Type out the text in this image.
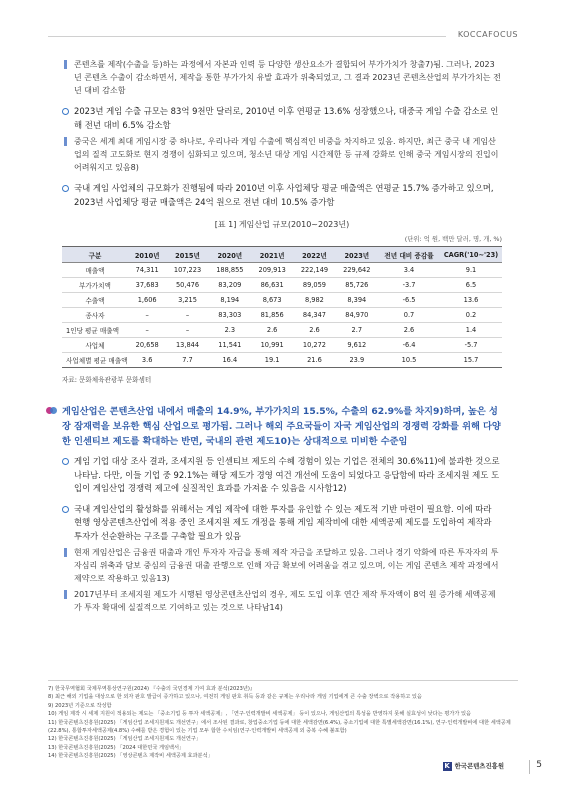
KOCCAFOCUS
콘텐츠를 제작(수출을 등)하는 과정에서 자본과 인력 등 다양한 생산요소가 결합되어 부가가치가 창출7)됨. 그러나, 2023년 콘텐츠 수출이 감소하면서, 제작을 통한 부가가치 유발 효과가 위축되었고, 그 결과 2023년 콘텐츠산업의 부가가치는 전년 대비 감소함
2023년 게임 수출 규모는 83억 9천만 달러로, 2010년 이후 연평균 13.6% 성장했으나, 대중국 게임 수출 감소로 인해 전년 대비 6.5% 감소함
중국은 세계 최대 게임시장 중 하나로, 우리나라 게임 수출에 핵심적인 비중을 차지하고 있음. 하지만, 최근 중국 내 게임산업의 질적 고도화로 현지 경쟁이 심화되고 있으며, 청소년 대상 게임 시간제한 등 규제 강화로 인해 중국 게임시장의 진입이 어려워지고 있음8)
국내 게임 사업체의 규모화가 진행됨에 따라 2010년 이후 사업체당 평균 매출액은 연평균 15.7% 증가하고 있으며, 2023년 사업체당 평균 매출액은 24억 원으로 전년 대비 10.5% 증가함
[표 1] 게임산업 규모(2010~2023년)
(단위: 억 원, 백만 달러, 명, 개, %)
구분	2010년	2015년	2020년	2021년	2022년	2023년	전년 대비 증감률	CAGR('10~'23)
매출액	74,311	107,223	188,855	209,913	222,149	229,642	3.4	9.1
부가가치액	37,683	50,476	83,209	86,631	89,059	85,726	-3.7	6.5
수출액	1,606	3,215	8,194	8,673	8,982	8,394	-6.5	13.6
종사자	–	–	83,303	81,856	84,347	84,970	0.7	0.2
1인당 평균 매출액	–	–	2.3	2.6	2.6	2.7	2.6	1.4
사업체	20,658	13,844	11,541	10,991	10,272	9,612	-6.4	-5.7
사업체별 평균 매출액	3.6	7.7	16.4	19.1	21.6	23.9	10.5	15.7
자료: 문화체육관광부 문화셈터
게임산업은 콘텐츠산업 내에서 매출의 14.9%, 부가가치의 15.5%, 수출의 62.9%를 차지9)하며, 높은 성장 잠재력을 보유한 핵심 산업으로 평가됨. 그러나 해외 주요국들이 자국 게임산업의 경쟁력 강화를 위해 다양한 인센티브 제도를 확대하는 반면, 국내의 관련 제도10)는 상대적으로 미비한 수준임
게임 기업 대상 조사 결과, 조세지원 등 인센티브 제도의 수혜 경험이 있는 기업은 전체의 30.6%11)에 불과한 것으로 나타남. 다만, 이들 기업 중 92.1%는 해당 제도가 경영 여건 개선에 도움이 되었다고 응답함에 따라 조세지원 제도 도입이 게임산업 경쟁력 제고에 실질적인 효과를 가져올 수 있음을 시사함12)
국내 게임산업의 활성화를 위해서는 게임 제작에 대한 투자를 유인할 수 있는 제도적 기반 마련이 필요함. 이에 따라 현행 영상콘텐츠산업에 적용 중인 조세지원 제도 개정을 통해 게임 제작비에 대한 세액공제 제도를 도입하여 제작과 투자가 선순환하는 구조를 구축할 필요가 있음
현재 게임산업은 금융권 대출과 개인 투자자 자금을 통해 제작 자금을 조달하고 있음. 그러나 경기 악화에 따른 투자자의 투자심리 위축과 담보 중심의 금융권 대출 관행으로 인해 자금 확보에 어려움을 겪고 있으며, 이는 게임 콘텐츠 제작 과정에서 제약으로 작용하고 있음13)
2017년부터 조세지원 제도가 시행된 영상콘텐츠산업의 경우, 제도 도입 이후 연간 제작 투자액이 8억 원 증가해 세액공제가 투자 확대에 실질적으로 기여하고 있는 것으로 나타남14)
7) 한국무역협회 국제무역통상연구원(2024) 『수출의 국민경제 기여 효과 분석(2023년)』
8) 최근 해외 기업을 대상으로 한 외자 판호 발급이 증가하고 있으나, 여전히 게임 판호 취득 등과 같은 규제는 우리나라 게임 기업에게 큰 수출 장벽으로 작용하고 있음
9) 2023년 기준으로 작성함
10) 게임 제작 시 세제 지원이 적용되는 제도는 「중소기업 등 투자 세액공제」, 「연구·인력개발비 세액공제」 등이 있으나, 게임산업의 특성을 반영하지 못해 실효성이 낮다는 평가가 있음
11) 한국콘텐츠진흥원(2025) 「게임산업 조세지원제도 개선연구」에서 조사된 결과로, 창업중소기업 등에 대한 세액감면(6.4%), 중소기업에 대한 특별세액감면(16.1%), 연구·인력개발비에 대한 세액공제(22.8%), 통합투자세액공제(4.8%) 수혜를 받은 경험이 있는 기업 모두 합한 수치임(연구·인력개발비 세액공제 외 중복 수혜 불포함)
12) 한국콘텐츠진흥원(2025) 「게임산업 조세지원제도 개선연구」
13) 한국콘텐츠진흥원(2025) 「2024 대한민국 게임백서」
14) 한국콘텐츠진흥원(2025) 「영상콘텐츠 제작비 세액공제 효과분석」
K 한국콘텐츠진흥원	5
